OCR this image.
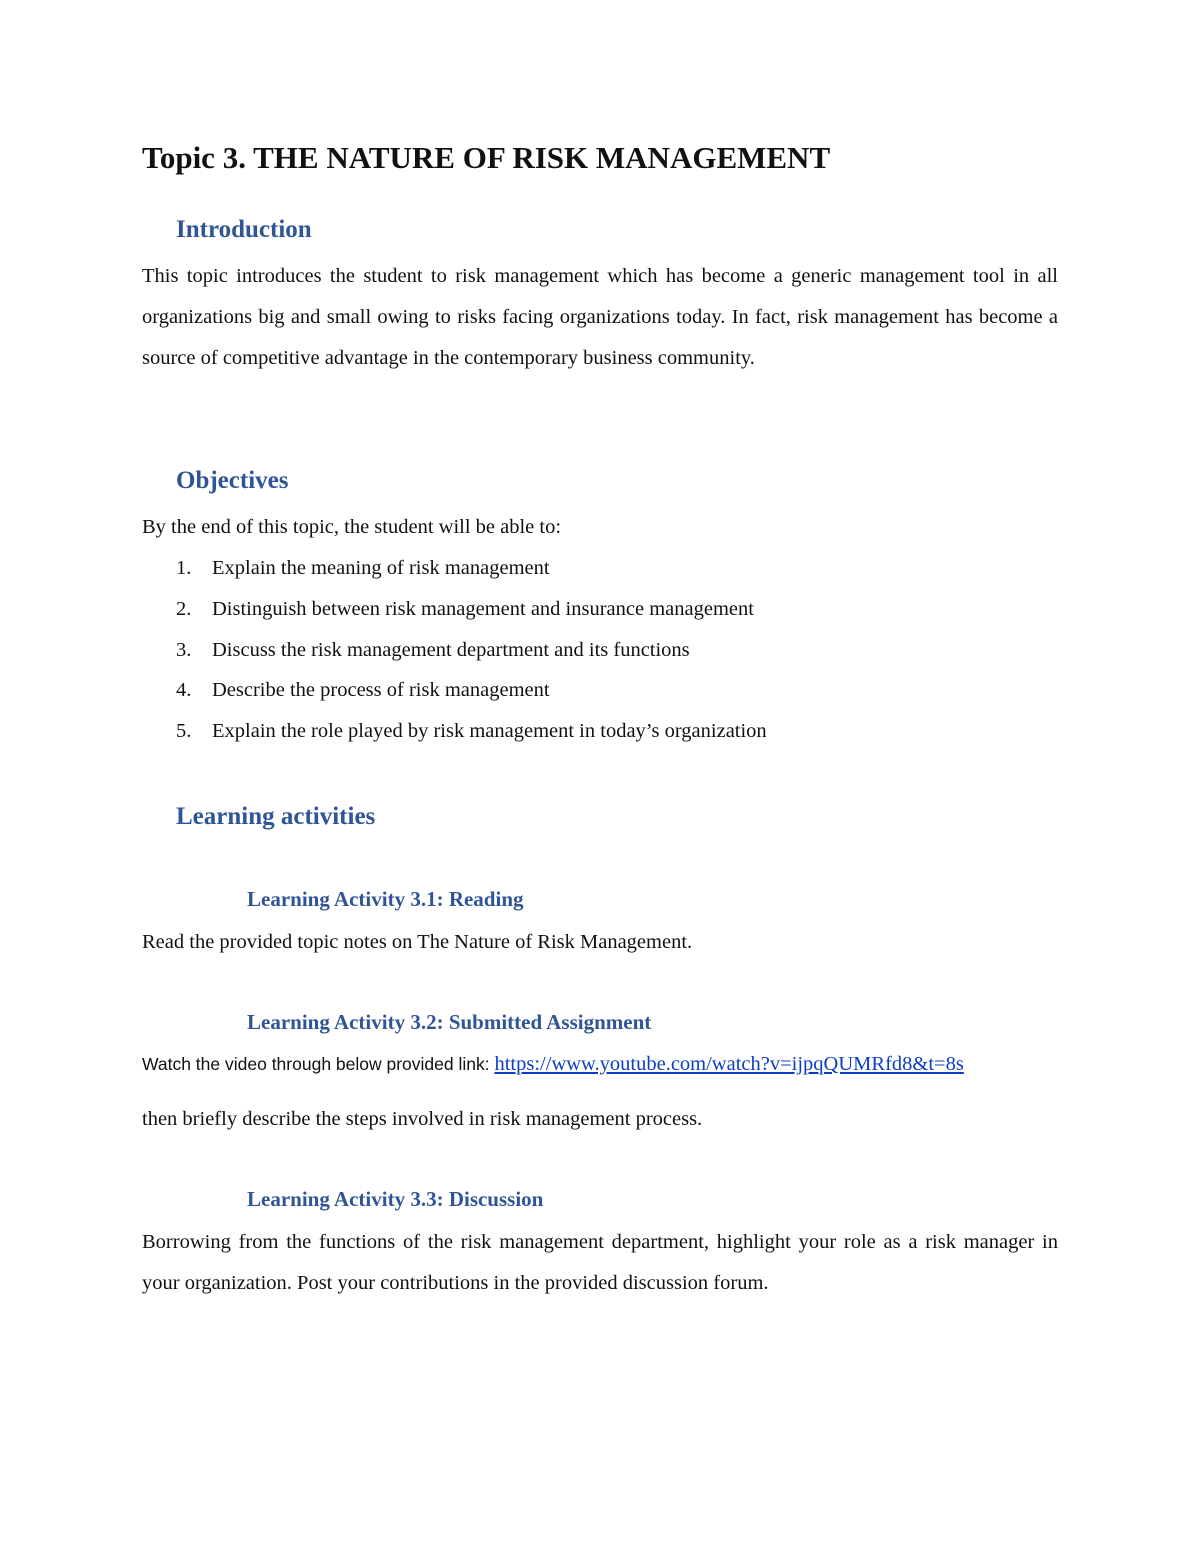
Topic 3. THE NATURE OF RISK MANAGEMENT
Introduction

This topic introduces the student to risk management which has become a generic management tool in all organizations big and small owing to risks facing organizations today. In fact, risk management has become a source of competitive advantage in the contemporary business community.

Objectives

By the end of this topic, the student will be able to:

1. Explain the meaning of risk management
2. Distinguish between risk management and insurance management
3. Discuss the risk management department and its functions
4. Describe the process of risk management
5. Explain the role played by risk management in today’s organization
Learning activities
Learning Activity 3.1: Reading

Read the provided topic notes on The Nature of Risk Management.

Learning Activity 3.2: Submitted Assignment

Watch the video through below provided link: https://www.youtube.com/watch?v=ijpqQUMRfd8&t=8s

then briefly describe the steps involved in risk management process.

Learning Activity 3.3: Discussion

Borrowing from the functions of the risk management department, highlight your role as a risk manager in your organization. Post your contributions in the provided discussion forum.
